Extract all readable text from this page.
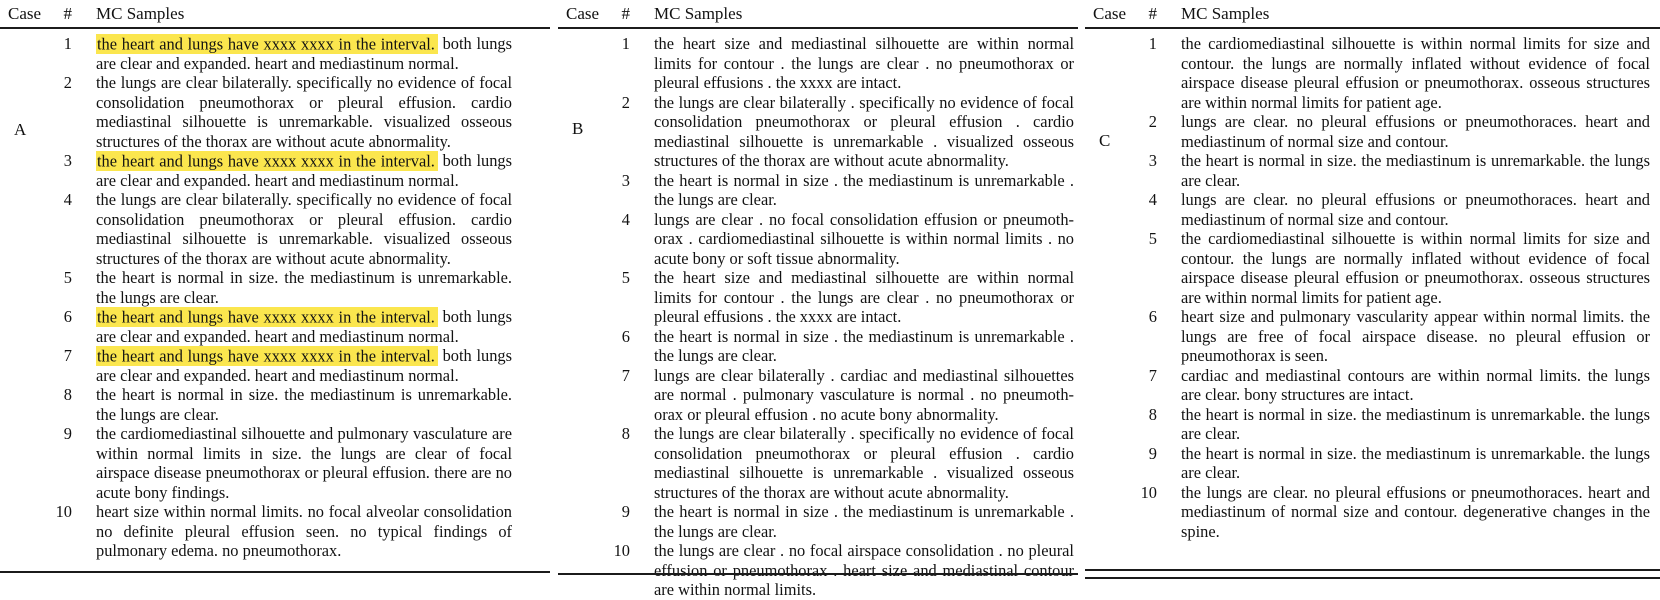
Case	# MC Samples
A
1	the heart and lungs have xxxx xxxx in the interval. both lungs are clear and expanded. heart and mediastinum normal.
2	the lungs are clear bilaterally. specifically no evidence of focal consolidation pneumothorax or pleural effusion. cardio mediastinal silhouette is unremarkable. visualized osseous structures of the thorax are without acute abnormality.
3	the heart and lungs have xxxx xxxx in the interval. both lungs are clear and expanded. heart and mediastinum normal.
4	the lungs are clear bilaterally. specifically no evidence of focal consolidation pneumothorax or pleural effusion. cardio mediastinal silhouette is unremarkable. visualized osseous structures of the thorax are without acute abnormality.
5	the heart is normal in size. the mediastinum is unremarkable. the lungs are clear.
6	the heart and lungs have xxxx xxxx in the interval. both lungs are clear and expanded. heart and mediastinum normal.
7	the heart and lungs have xxxx xxxx in the interval. both lungs are clear and expanded. heart and mediastinum normal.
8	the heart is normal in size. the mediastinum is unremarkable. the lungs are clear.
9	the cardiomediastinal silhouette and pulmonary vasculature are within normal limits in size. the lungs are clear of focal airspace disease pneumothorax or pleural effusion. there are no acute bony findings.
10	heart size within normal limits. no focal alveolar consolidation no definite pleural effusion seen. no typical findings of pulmonary edema. no pneumothorax.
Case	# MC Samples
B
1	the heart size and mediastinal silhouette are within normal limits for contour . the lungs are clear . no pneumothorax or pleural effusions . the xxxx are intact.
2	the lungs are clear bilaterally . specifically no evidence of focal consolidation pneumothorax or pleural effusion . cardio mediastinal silhouette is unremarkable . visualized osseous structures of the thorax are without acute abnormality.
3	the heart is normal in size . the mediastinum is unremarkable . the lungs are clear.
4	lungs are clear . no focal consolidation effusion or pneumoth-orax . cardiomediastinal silhouette is within normal limits . no acute bony or soft tissue abnormality.
5	the heart size and mediastinal silhouette are within normal limits for contour . the lungs are clear . no pneumothorax or pleural effusions . the xxxx are intact.
6	the heart is normal in size . the mediastinum is unremarkable . the lungs are clear.
7	lungs are clear bilaterally . cardiac and mediastinal silhouettes are normal . pulmonary vasculature is normal . no pneumoth-orax or pleural effusion . no acute bony abnormality.
8	the lungs are clear bilaterally . specifically no evidence of focal consolidation pneumothorax or pleural effusion . cardio mediastinal silhouette is unremarkable . visualized osseous structures of the thorax are without acute abnormality.
9	the heart is normal in size . the mediastinum is unremarkable . the lungs are clear.
10	the lungs are clear . no focal airspace consolidation . no pleural effusion or pneumothorax . heart size and mediastinal contour are within normal limits.
Case	# MC Samples
C
1	the cardiomediastinal silhouette is within normal limits for size and contour. the lungs are normally inflated without evidence of focal airspace disease pleural effusion or pneumothorax. osseous structures are within normal limits for patient age.
2	lungs are clear. no pleural effusions or pneumothoraces. heart and mediastinum of normal size and contour.
3	the heart is normal in size. the mediastinum is unremarkable. the lungs are clear.
4	lungs are clear. no pleural effusions or pneumothoraces. heart and mediastinum of normal size and contour.
5	the cardiomediastinal silhouette is within normal limits for size and contour. the lungs are normally inflated without evidence of focal airspace disease pleural effusion or pneumothorax. osseous structures are within normal limits for patient age.
6	heart size and pulmonary vascularity appear within normal limits. the lungs are free of focal airspace disease. no pleural effusion or pneumothorax is seen.
7	cardiac and mediastinal contours are within normal limits. the lungs are clear. bony structures are intact.
8	the heart is normal in size. the mediastinum is unremarkable. the lungs are clear.
9	the heart is normal in size. the mediastinum is unremarkable. the lungs are clear.
10	the lungs are clear. no pleural effusions or pneumothoraces. heart and mediastinum of normal size and contour. degenerative changes in the spine.
